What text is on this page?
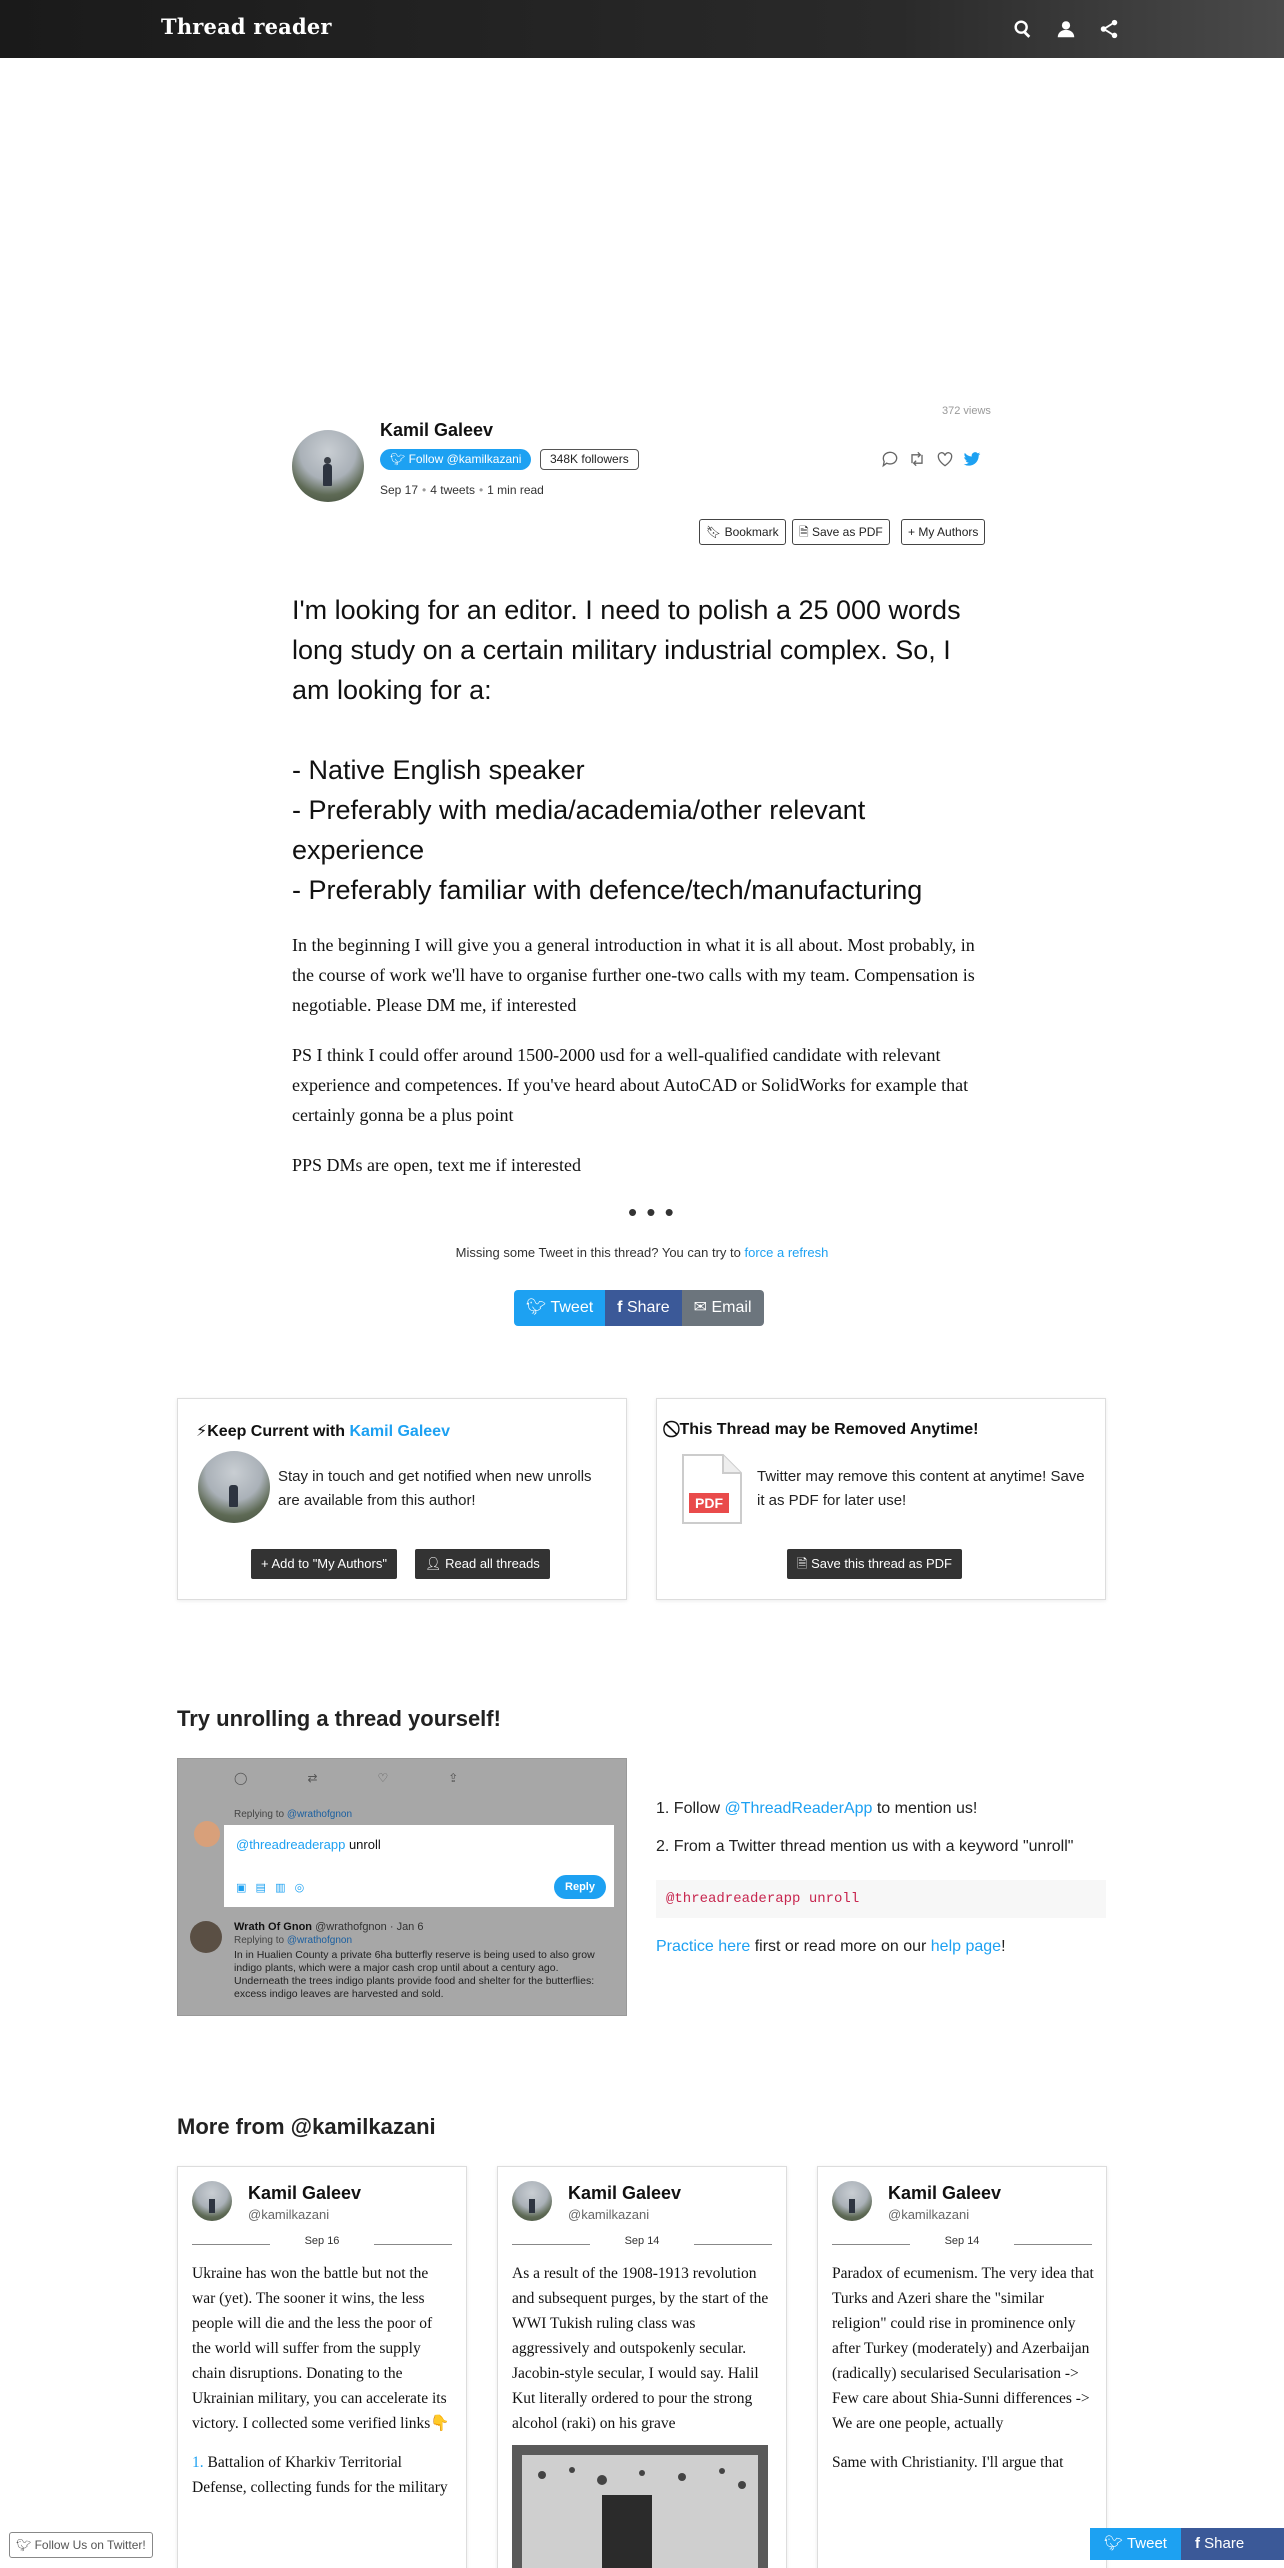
Thread reader
372 views
Kamil Galeev
🐦︎ Follow @kamilkazani	348K followers
Sep 17 • 4 tweets • 1 min read

🔖︎ Bookmark	🗎 Save as PDF	+ My Authors

I'm looking for an editor. I need to polish a 25 000 words long study on a certain military industrial complex. So, I am looking for a:

- Native English speaker

- Preferably with media/academia/other relevant experience

- Preferably familiar with defence/tech/manufacturing

In the beginning I will give you a general introduction in what it is all about. Most probably, in the course of work we'll have to organise further one-two calls with my team. Compensation is negotiable. Please DM me, if interested
PS I think I could offer around 1500-2000 usd for a well-qualified candidate with relevant experience and competences. If you've heard about AutoCAD or SolidWorks for example that certainly gonna be a plus point
PPS DMs are open, text me if interested
• • •
Missing some Tweet in this thread? You can try to force a refresh
🐦︎ Tweet	f Share	✉ Email
⚡︎Keep Current with Kamil Galeev
Stay in touch and get notified when new unrolls are available from this author!
+ Add to "My Authors"	👤︎ Read all threads
This Thread may be Removed Anytime!
PDF
Twitter may remove this content at anytime! Save it as PDF for later use!
🗎 Save this thread as PDF
Try unrolling a thread yourself!
◯                  ⇄                  ♡                  ⇪
Replying to @wrathofgnon
@threadreaderapp unroll
▣   ▤   ▥   ◎	Reply
Wrath Of Gnon @wrathofgnon · Jan 6
Replying to @wrathofgnon
In in Hualien County a private 6ha butterfly reserve is being used to also grow indigo plants, which were a major cash crop until about a century ago. Underneath the trees indigo plants provide food and shelter for the butterflies: excess indigo leaves are harvested and sold.
1. Follow @ThreadReaderApp to mention us!
2. From a Twitter thread mention us with a keyword "unroll"
@threadreaderapp unroll
Practice here first or read more on our help page!
More from @kamilkazani
Kamil Galeev
@kamilkazani
Sep 16

Ukraine has won the battle but not the war (yet). The sooner it wins, the less people will die and the less the poor of the world will suffer from the supply chain disruptions. Donating to the Ukrainian military, you can accelerate its victory. I collected some verified links👇

1. Battalion of Kharkiv Territorial Defense, collecting funds for the military

Kamil Galeev
@kamilkazani
Sep 14

As a result of the 1908-1913 revolution and subsequent purges, by the start of the WWI Tukish ruling class was aggressively and outspokenly secular. Jacobin-style secular, I would say. Halil Kut literally ordered to pour the strong alcohol (raki) on his grave

Kamil Galeev
@kamilkazani
Sep 14

Paradox of ecumenism. The very idea that Turks and Azeri share the "similar religion" could rise in prominence only after Turkey (moderately) and Azerbaijan (radically) secularised Secularisation -> Few care about Shia-Sunni differences -> We are one people, actually

Same with Christianity. I'll argue that

🐦︎ Follow Us on Twitter!	🐦︎ Tweet	f Share
